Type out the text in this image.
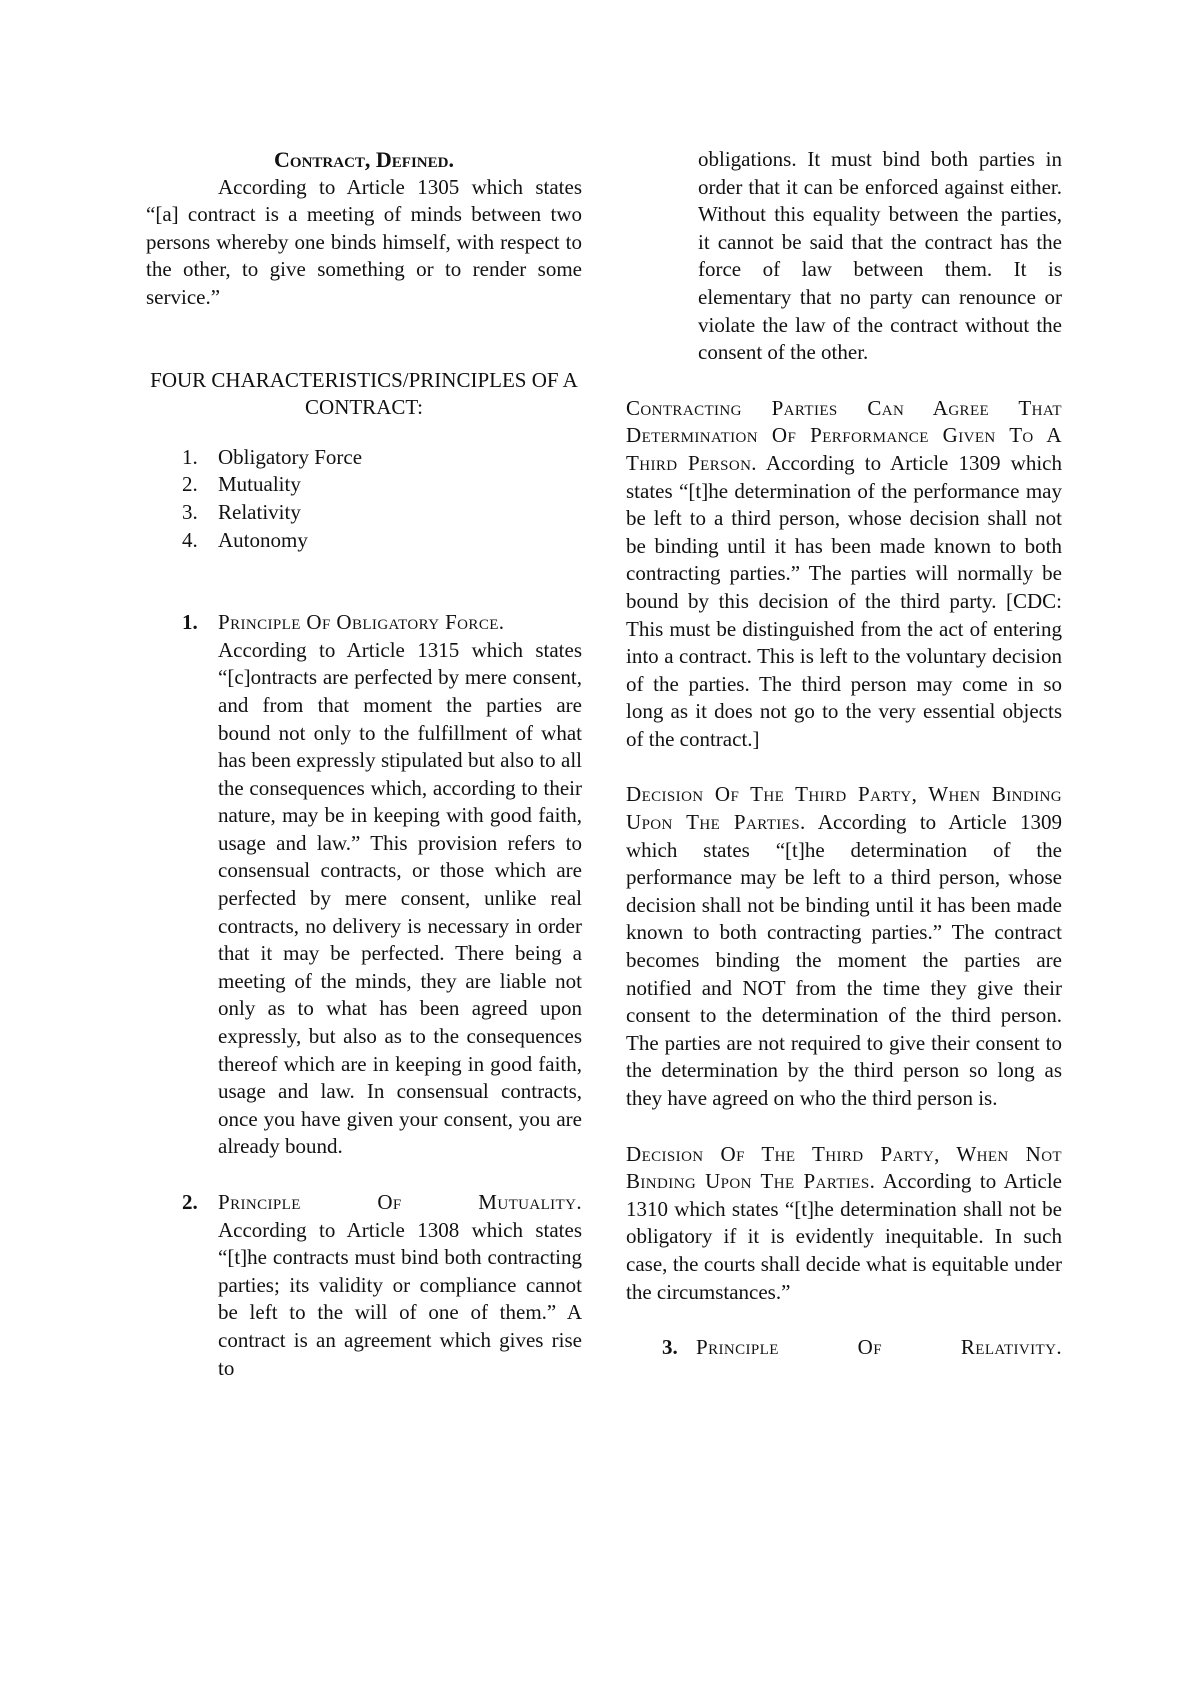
Contract, Defined.

According to Article 1305 which states “[a] contract is a meeting of minds between two persons whereby one binds himself, with respect to the other, to give something or to render some service.”

FOUR CHARACTERISTICS/PRINCIPLES OF A CONTRACT:

1. Obligatory Force
2. Mutuality
3. Relativity
4. Autonomy
1. Principle Of Obligatory Force.

According to Article 1315 which states “[c]ontracts are perfected by mere consent, and from that moment the parties are bound not only to the fulfillment of what has been expressly stipulated but also to all the consequences which, according to their nature, may be in keeping with good faith, usage and law.” This provision refers to consensual contracts, or those which are perfected by mere consent, unlike real contracts, no delivery is necessary in order that it may be perfected. There being a meeting of the minds, they are liable not only as to what has been agreed upon expressly, but also as to the consequences thereof which are in keeping in good faith, usage and law. In consensual contracts, once you have given your consent, you are already bound.

2. Principle Of Mutuality.

According to Article 1308 which states “[t]he contracts must bind both contracting parties; its validity or compliance cannot be left to the will of one of them.” A contract is an agreement which gives rise to

obligations. It must bind both parties in order that it can be enforced against either. Without this equality between the parties, it cannot be said that the contract has the force of law between them. It is elementary that no party can renounce or violate the law of the contract without the consent of the other.

Contracting Parties Can Agree That Determination Of Performance Given To A Third Person. According to Article 1309 which states “[t]he determination of the performance may be left to a third person, whose decision shall not be binding until it has been made known to both contracting parties.” The parties will normally be bound by this decision of the third party. [CDC: This must be distinguished from the act of entering into a contract. This is left to the voluntary decision of the parties. The third person may come in so long as it does not go to the very essential objects of the contract.]

Decision Of The Third Party, When Binding Upon The Parties. According to Article 1309 which states “[t]he determination of the performance may be left to a third person, whose decision shall not be binding until it has been made known to both contracting parties.” The contract becomes binding the moment the parties are notified and NOT from the time they give their consent to the determination of the third person. The parties are not required to give their consent to the determination by the third person so long as they have agreed on who the third person is.

Decision Of The Third Party, When Not Binding Upon The Parties. According to Article 1310 which states “[t]he determination shall not be obligatory if it is evidently inequitable. In such case, the courts shall decide what is equitable under the circumstances.”

3. Principle Of Relativity.
